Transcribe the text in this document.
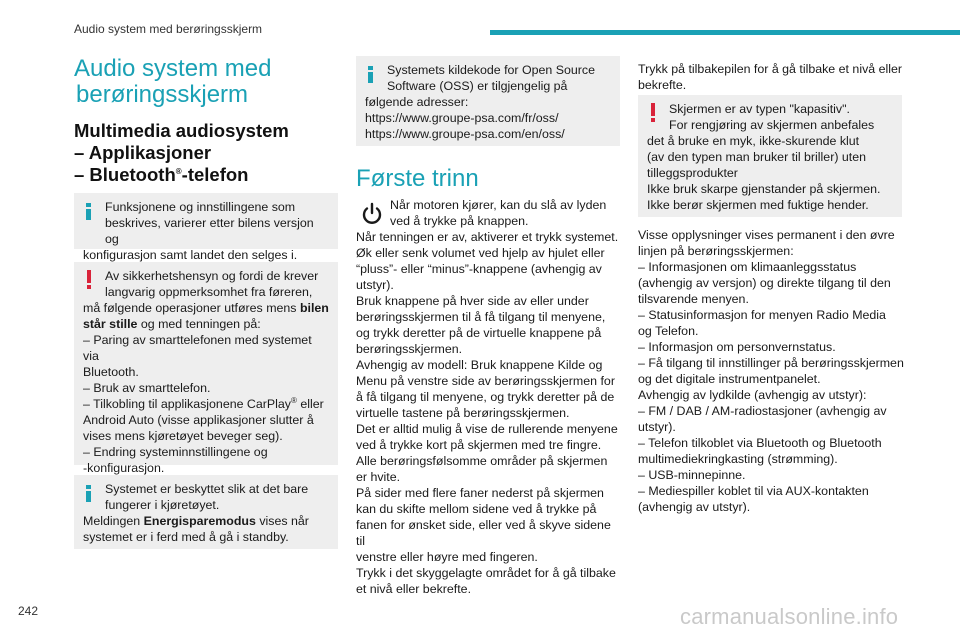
Audio system med berøringsskjerm
Audio system med
berøringsskjerm
Multimedia audiosystem
– Applikasjoner
– Bluetooth®-telefon

Funksjonene og innstillingene som

beskrives, varierer etter bilens versjon og

konfigurasjon samt landet den selges i.

Av sikkerhetshensyn og fordi de krever

langvarig oppmerksomhet fra føreren,

må følgende operasjoner utføres mens bilen

står stille og med tenningen på:

– Paring av smarttelefonen med systemet via

Bluetooth.

– Bruk av smarttelefon.

– Tilkobling til applikasjonene CarPlay® eller

Android Auto (visse applikasjoner slutter å

vises mens kjøretøyet beveger seg).

– Endring systeminnstillingene og

-konfigurasjon.

Systemet er beskyttet slik at det bare

fungerer i kjøretøyet.

Meldingen Energisparemodus vises når

systemet er i ferd med å gå i standby.

Systemets kildekode for Open Source

Software (OSS) er tilgjengelig på

følgende adresser:

https://www.groupe-psa.com/fr/oss/

https://www.groupe-psa.com/en/oss/

Første trinn

Når motoren kjører, kan du slå av lyden

ved å trykke på knappen.

Når tenningen er av, aktiverer et trykk systemet.

Øk eller senk volumet ved hjelp av hjulet eller

“pluss”- eller “minus”-knappene (avhengig av

utstyr).

Bruk knappene på hver side av eller under

berøringsskjermen til å få tilgang til menyene,

og trykk deretter på de virtuelle knappene på

berøringsskjermen.

Avhengig av modell: Bruk knappene Kilde og

Menu på venstre side av berøringsskjermen for

å få tilgang til menyene, og trykk deretter på de

virtuelle tastene på berøringsskjermen.

Det er alltid mulig å vise de rullerende menyene

ved å trykke kort på skjermen med tre fingre.

Alle berøringsfølsomme områder på skjermen

er hvite.

På sider med flere faner nederst på skjermen

kan du skifte mellom sidene ved å trykke på

fanen for ønsket side, eller ved å skyve sidene til

venstre eller høyre med fingeren.

Trykk i det skyggelagte området for å gå tilbake

et nivå eller bekrefte.

Trykk på tilbakepilen for å gå tilbake et nivå eller

bekrefte.

Skjermen er av typen "kapasitiv".

For rengjøring av skjermen anbefales

det å bruke en myk, ikke-skurende klut

(av den typen man bruker til briller) uten

tilleggsprodukter

Ikke bruk skarpe gjenstander på skjermen.

Ikke berør skjermen med fuktige hender.

Visse opplysninger vises permanent i den øvre

linjen på berøringsskjermen:

– Informasjonen om klimaanleggsstatus

(avhengig av versjon) og direkte tilgang til den

tilsvarende menyen.

– Statusinformasjon for menyen Radio Media

og Telefon.

– Informasjon om personvernstatus.

– Få tilgang til innstillinger på berøringsskjermen

og det digitale instrumentpanelet.

Avhengig av lydkilde (avhengig av utstyr):

– FM / DAB / AM-radiostasjoner (avhengig av

utstyr).

– Telefon tilkoblet via Bluetooth og Bluetooth

multimediekringkasting (strømming).

– USB-minnepinne.

– Mediespiller koblet til via AUX-kontakten

(avhengig av utstyr).

242	carmanualsonline.info
